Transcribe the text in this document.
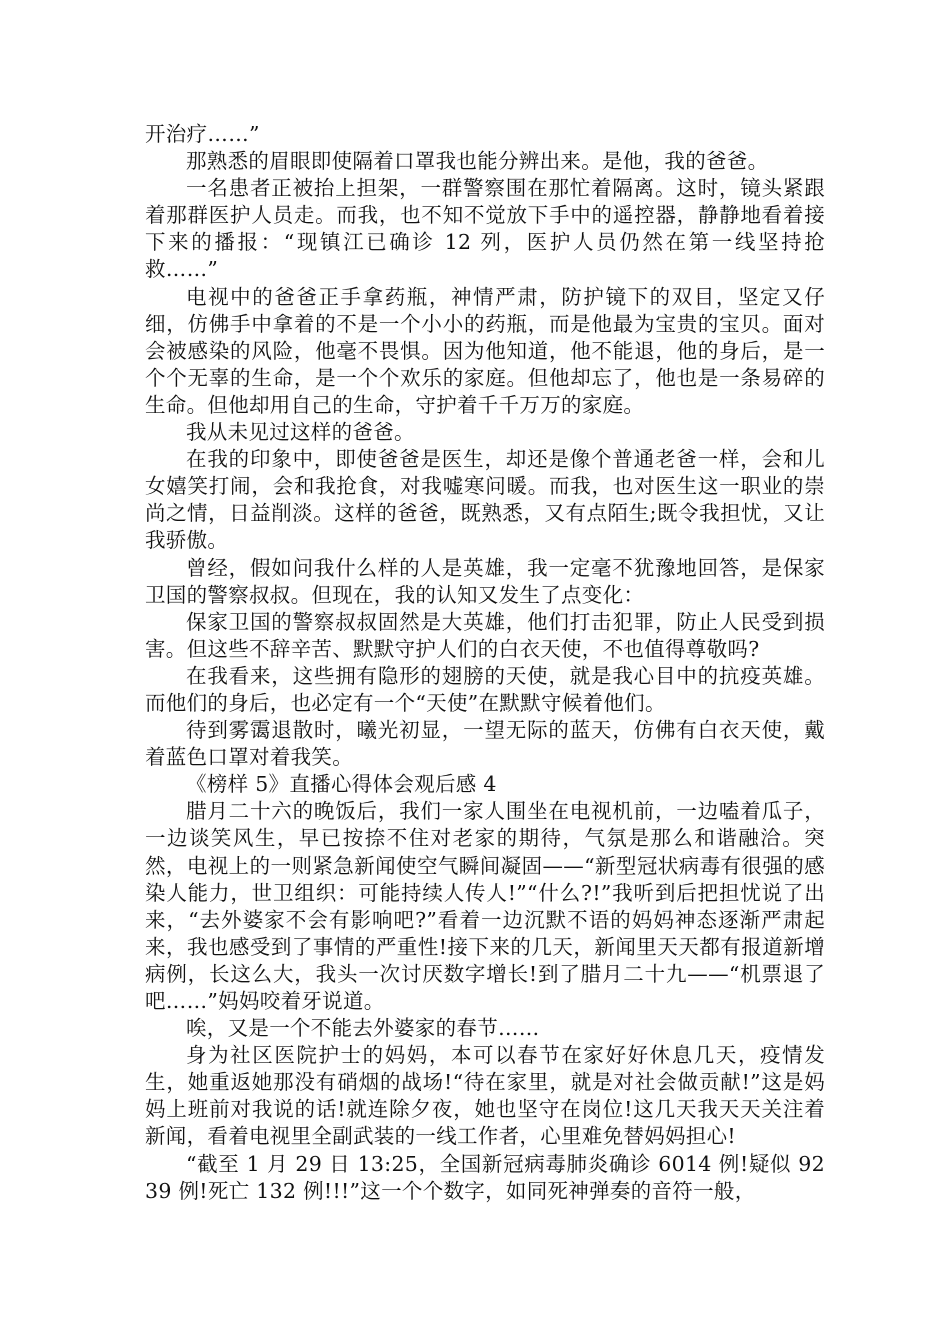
开治疗……”

那熟悉的眉眼即使隔着口罩我也能分辨出来。是他，我的爸爸。

一名患者正被抬上担架，一群警察围在那忙着隔离。这时，镜头紧跟着那群医护人员走。而我，也不知不觉放下手中的遥控器，静静地看着接下来的播报：“现镇江已确诊 12 列，医护人员仍然在第一线坚持抢救……”

电视中的爸爸正手拿药瓶，神情严肃，防护镜下的双目，坚定又仔细，仿佛手中拿着的不是一个小小的药瓶，而是他最为宝贵的宝贝。面对会被感染的风险，他毫不畏惧。因为他知道，他不能退，他的身后，是一个个无辜的生命，是一个个欢乐的家庭。但他却忘了，他也是一条易碎的生命。但他却用自己的生命，守护着千千万万的家庭。

我从未见过这样的爸爸。

在我的印象中，即使爸爸是医生，却还是像个普通老爸一样，会和儿女嬉笑打闹，会和我抢食，对我嘘寒问暖。而我，也对医生这一职业的崇尚之情，日益削淡。这样的爸爸，既熟悉，又有点陌生;既令我担忧，又让我骄傲。

曾经，假如问我什么样的人是英雄，我一定毫不犹豫地回答，是保家卫国的警察叔叔。但现在，我的认知又发生了点变化：

保家卫国的警察叔叔固然是大英雄，他们打击犯罪，防止人民受到损害。但这些不辞辛苦、默默守护人们的白衣天使，不也值得尊敬吗?

在我看来，这些拥有隐形的翅膀的天使，就是我心目中的抗疫英雄。而他们的身后，也必定有一个“天使”在默默守候着他们。

待到雾霭退散时，曦光初显，一望无际的蓝天，仿佛有白衣天使，戴着蓝色口罩对着我笑。

《榜样 5》直播心得体会观后感 4

腊月二十六的晚饭后，我们一家人围坐在电视机前，一边嗑着瓜子，一边谈笑风生，早已按捺不住对老家的期待，气氛是那么和谐融洽。突然，电视上的一则紧急新闻使空气瞬间凝固——“新型冠状病毒有很强的感染人能力，世卫组织：可能持续人传人!”“什么?!”我听到后把担忧说了出来，“去外婆家不会有影响吧?”看着一边沉默不语的妈妈神态逐渐严肃起来，我也感受到了事情的严重性!接下来的几天，新闻里天天都有报道新增病例，长这么大，我头一次讨厌数字增长!到了腊月二十九——“机票退了吧……”妈妈咬着牙说道。

唉，又是一个不能去外婆家的春节……

身为社区医院护士的妈妈，本可以春节在家好好休息几天，疫情发生，她重返她那没有硝烟的战场!“待在家里，就是对社会做贡献!”这是妈妈上班前对我说的话!就连除夕夜，她也坚守在岗位!这几天我天天关注着新闻，看着电视里全副武装的一线工作者，心里难免替妈妈担心!

“截至 1 月 29 日 13:25，全国新冠病毒肺炎确诊 6014 例!疑似 9239 例!死亡 132 例!!!”这一个个数字，如同死神弹奏的音符一般，
